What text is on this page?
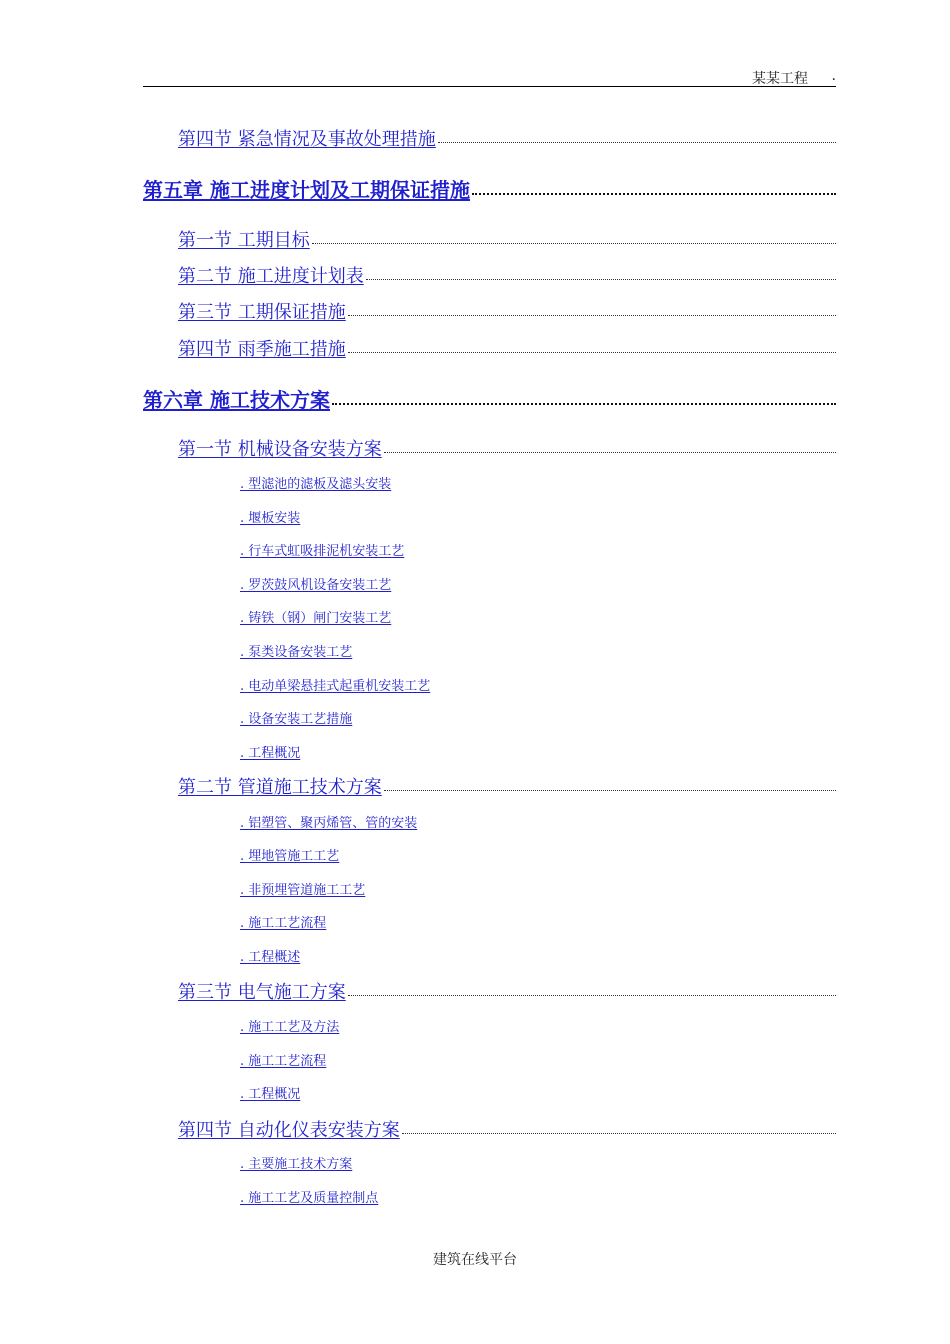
某某工程 .
第四节 紧急情况及事故处理措施
第五章 施工进度计划及工期保证措施
第一节 工期目标
第二节 施工进度计划表
第三节 工期保证措施
第四节 雨季施工措施
第六章 施工技术方案
第一节 机械设备安装方案
. 型滤池的滤板及滤头安装
. 堰板安装
. 行车式虹吸排泥机安装工艺
. 罗茨鼓风机设备安装工艺
. 铸铁（钢）闸门安装工艺
. 泵类设备安装工艺
. 电动单梁悬挂式起重机安装工艺
. 设备安装工艺措施
. 工程概况
第二节 管道施工技术方案
. 铝塑管、聚丙烯管、管的安装
. 埋地管施工工艺
. 非预埋管道施工工艺
. 施工工艺流程
. 工程概述
第三节 电气施工方案
. 施工工艺及方法
. 施工工艺流程
. 工程概况
第四节 自动化仪表安装方案
. 主要施工技术方案
. 施工工艺及质量控制点
建筑在线平台
